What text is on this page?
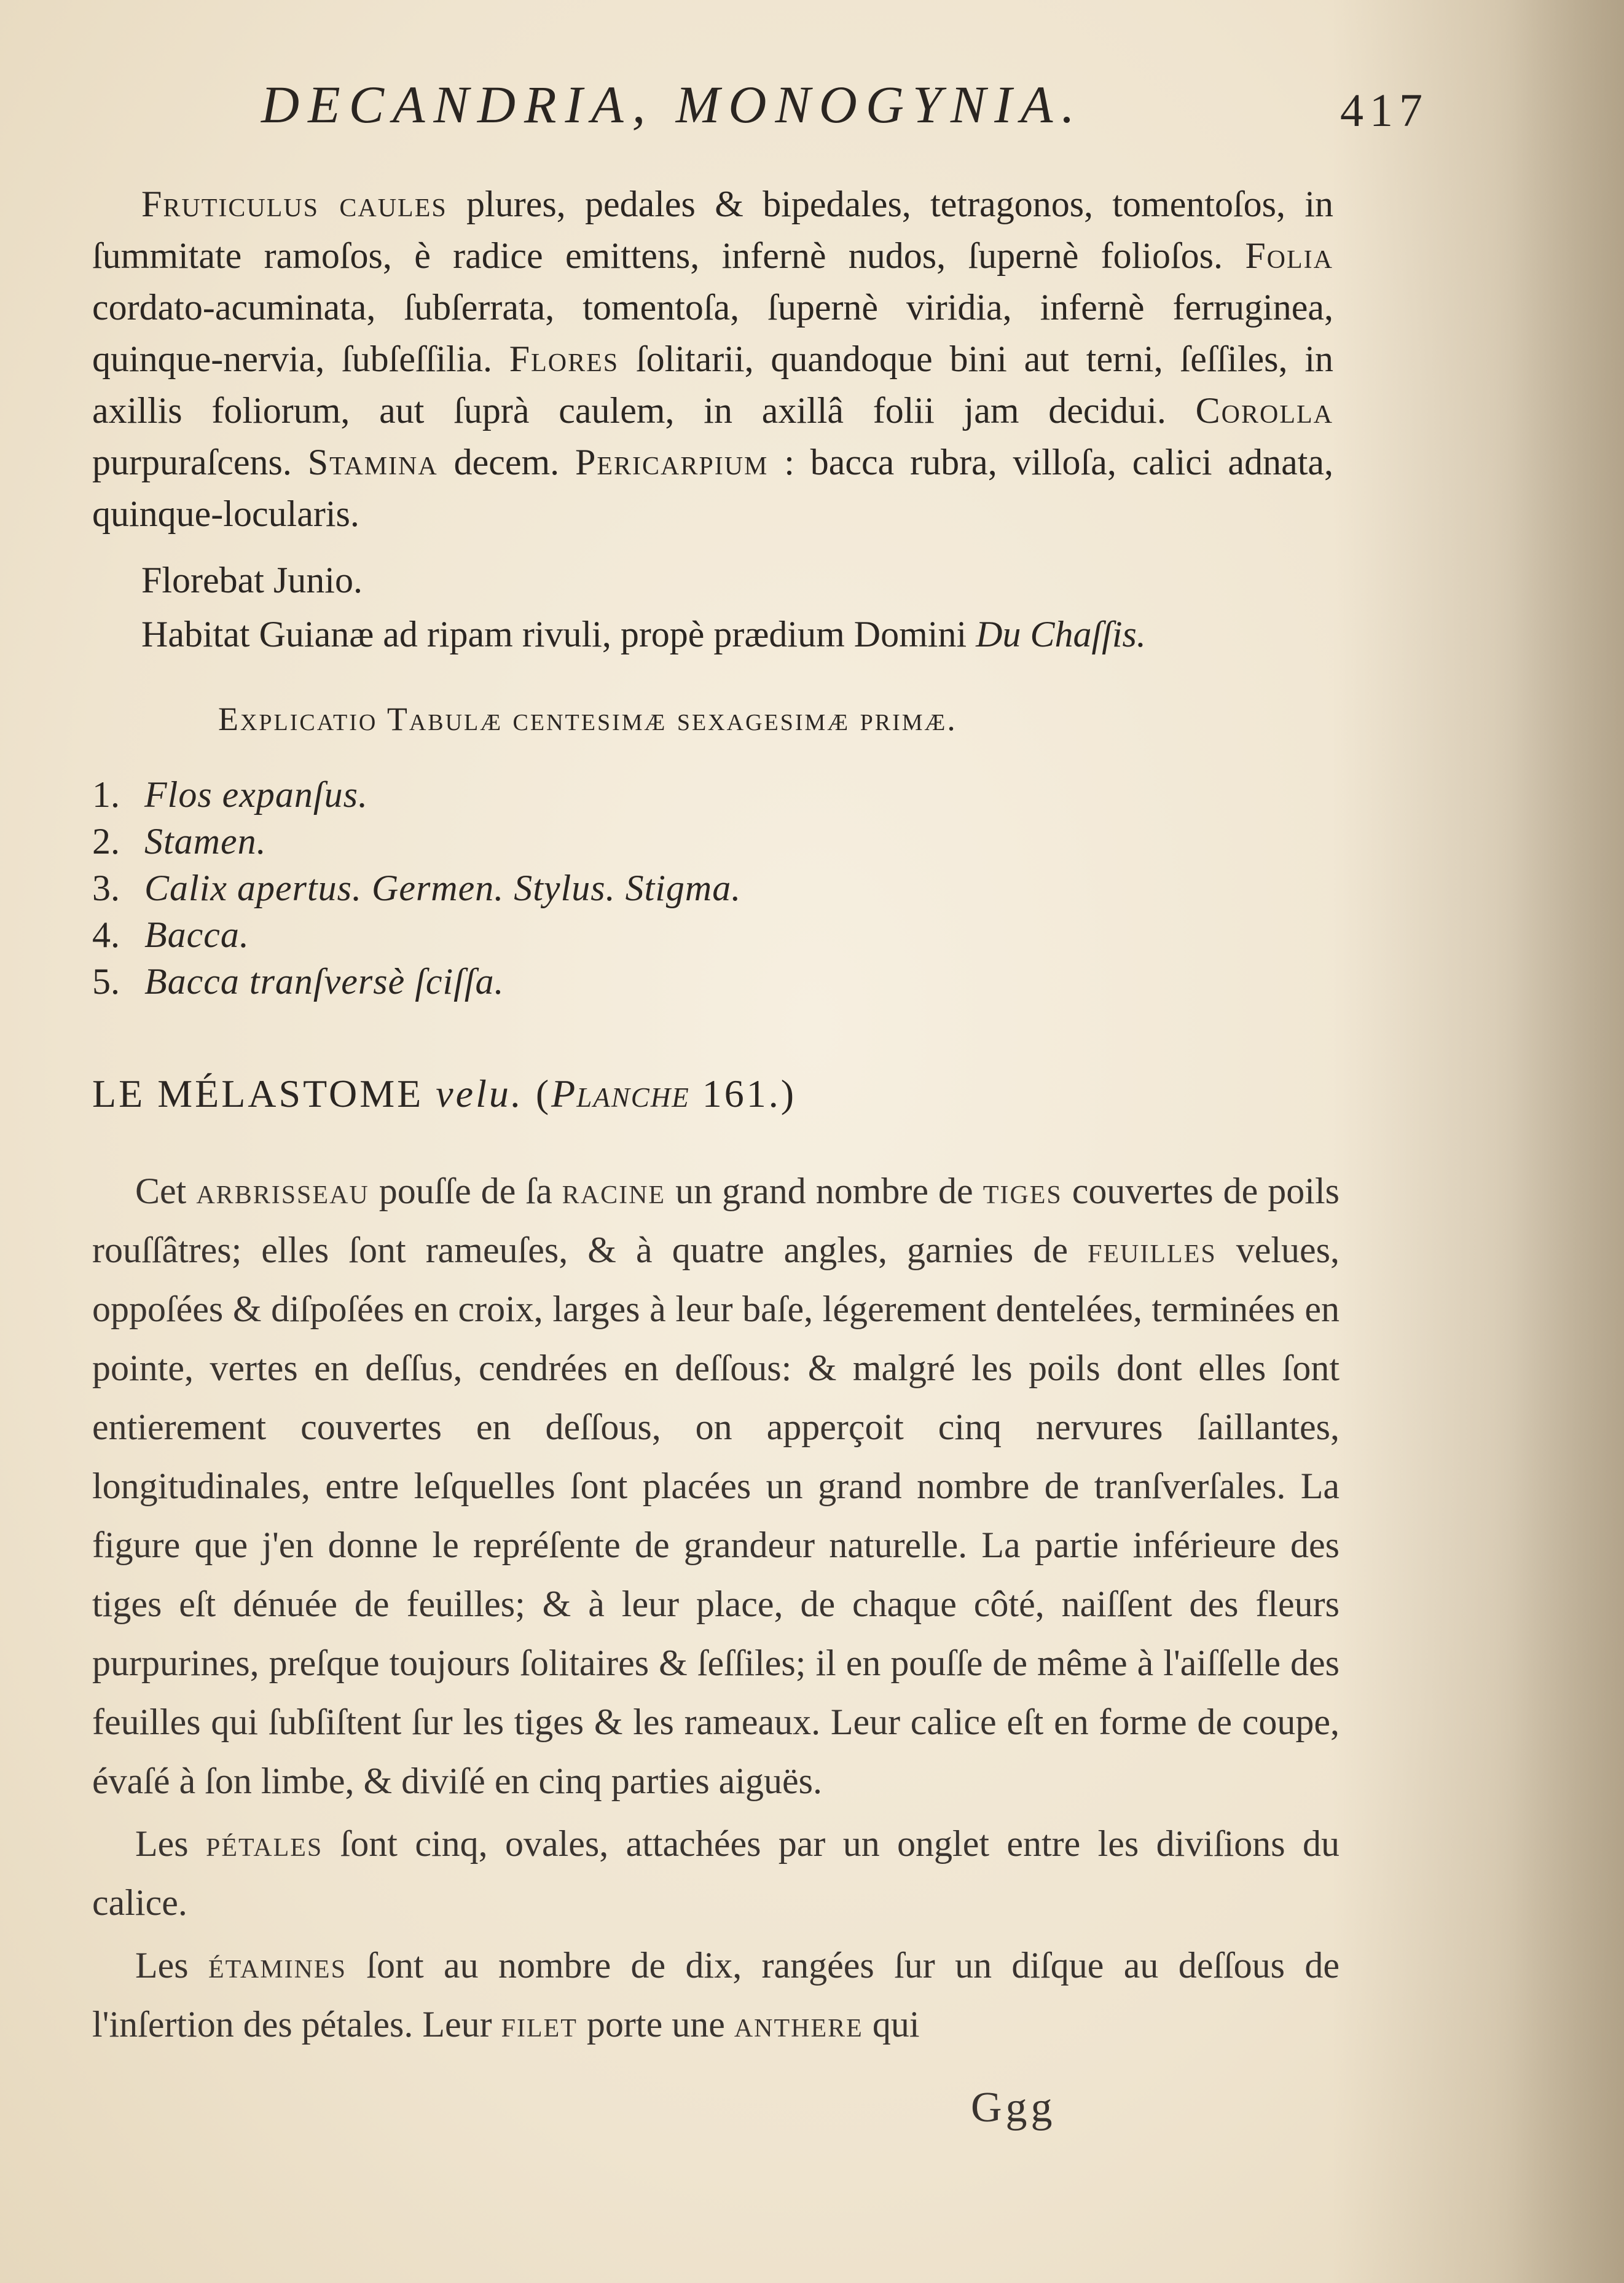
DECANDRIA, MONOGYNIA.	417
Fruticulus caules plures, pedales & bipedales, tetragonos, tomentoſos, in ſummitate ramoſos, è radice emittens, infernè nudos, ſupernè folioſos. Folia cordato-acuminata, ſubſerrata, tomentoſa, ſupernè viridia, infernè ferruginea, quinque-nervia, ſubſeſſilia. Flores ſolitarii, quandoque bini aut terni, ſeſſiles, in axillis foliorum, aut ſuprà caulem, in axillâ folii jam decidui. Corolla purpuraſcens. Stamina decem. Pericarpium : bacca rubra, villoſa, calici adnata, quinque-locularis.
Florebat Junio.
Habitat Guianæ ad ripam rivuli, propè prædium Domini Du Chaſſis.
Explicatio Tabulæ centesimæ sexagesimæ primæ.
1. Flos expanſus.
2. Stamen.
3. Calix apertus. Germen. Stylus. Stigma.
4. Bacca.
5. Bacca tranſversè ſciſſa.
LE MÉLASTOME velu. (Planche 161.)

Cet arbrisseau pouſſe de ſa racine un grand nombre de tiges couvertes de poils rouſſâtres; elles ſont rameuſes, & à quatre angles, garnies de feuilles velues, oppoſées & diſpoſées en croix, larges à leur baſe, légerement dentelées, terminées en pointe, vertes en deſſus, cendrées en deſſous: & malgré les poils dont elles ſont entierement couvertes en deſſous, on apperçoit cinq nervures ſaillantes, longitudinales, entre leſquelles ſont placées un grand nombre de tranſverſales. La figure que j'en donne le repréſente de grandeur naturelle. La partie inférieure des tiges eſt dénuée de feuilles; & à leur place, de chaque côté, naiſſent des fleurs purpurines, preſque toujours ſolitaires & ſeſſiles; il en pouſſe de même à l'aiſſelle des feuilles qui ſubſiſtent ſur les tiges & les rameaux. Leur calice eſt en forme de coupe, évaſé à ſon limbe, & diviſé en cinq parties aiguës.

Les pétales ſont cinq, ovales, attachées par un onglet entre les diviſions du calice.

Les étamines ſont au nombre de dix, rangées ſur un diſque au deſſous de l'inſertion des pétales. Leur filet porte une anthere qui

Ggg
